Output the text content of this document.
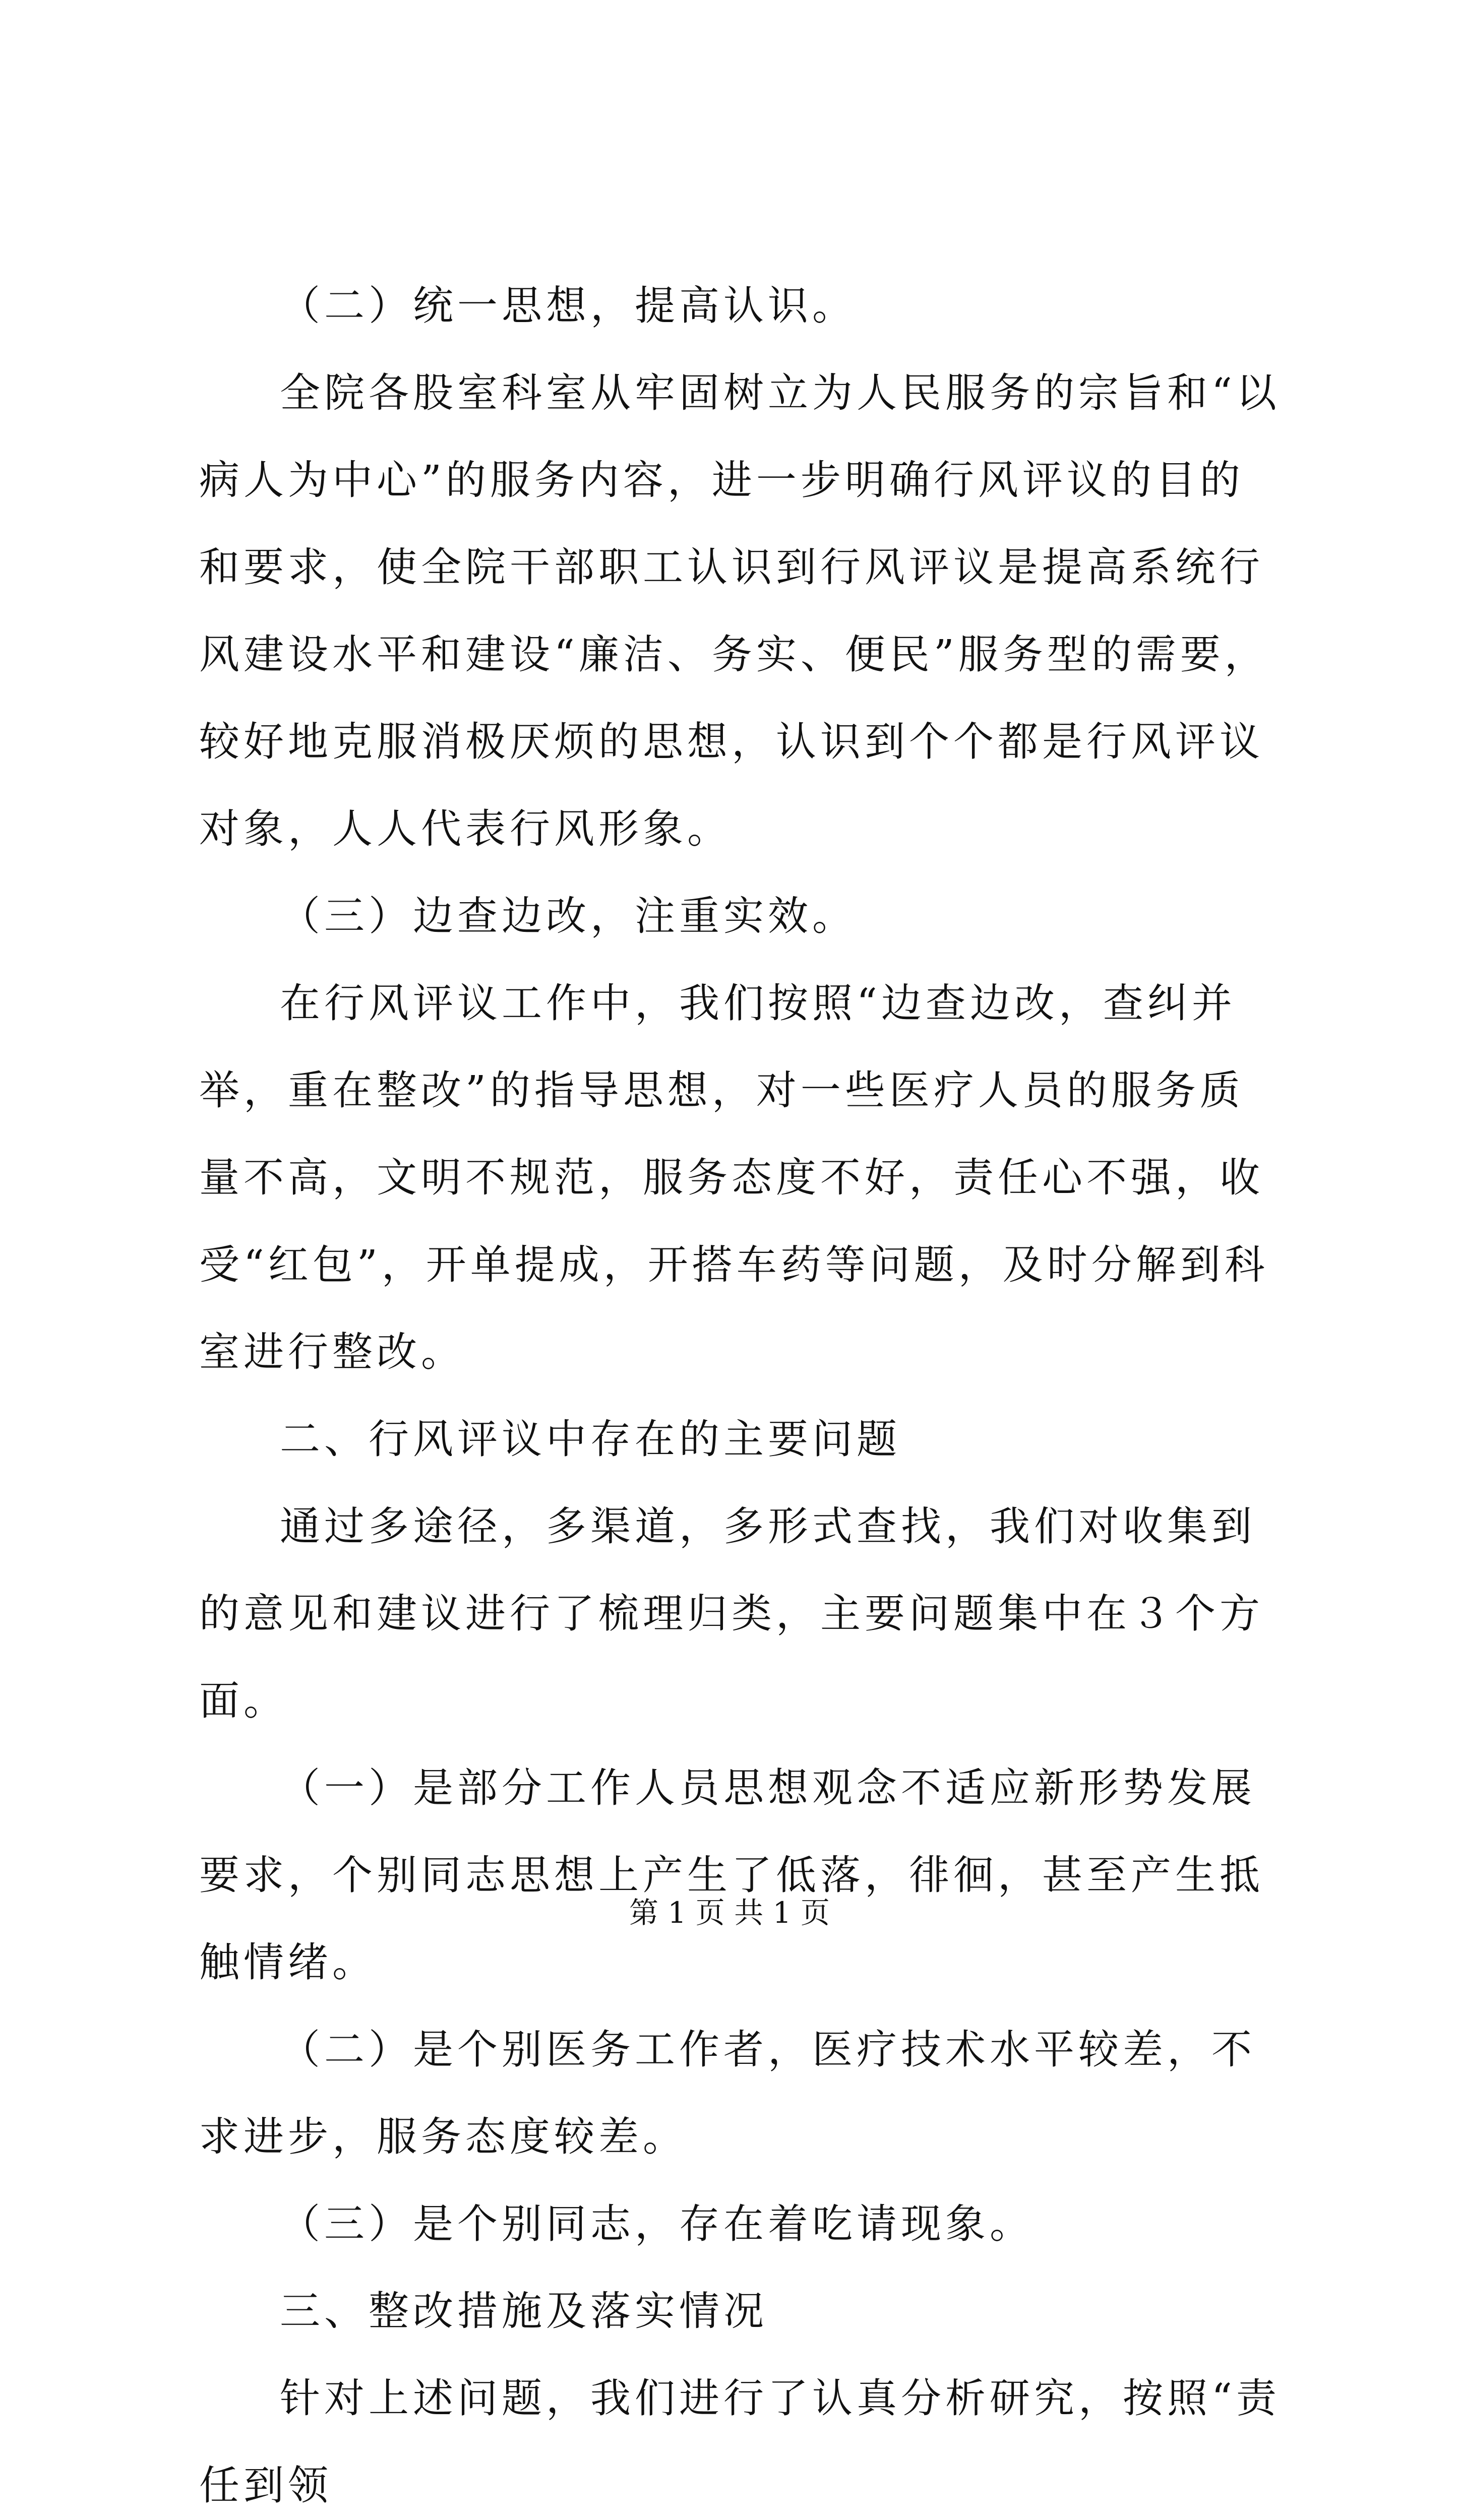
（二）统一思想，提高认识。

全院各股室科室从牢固树立为人民服务的宗旨和“以病人为中心”的服务内容，进一步明确行风评议的目的和要求，使全院干部职工认识到行风评议是提高系统行风建设水平和建设“廉洁、务实、便民”服务型的需要，较好地克服消极厌烦的思想，认识到个个都是行风评议对象，人人代表行风形象。

（三）边查边改，注重实效。

在行风评议工作中，我们按照“边查边改，查纠并举，重在整改”的指导思想，对一些医疗人员的服务质量不高，文明不规范，服务态度不好，责任心不强，收受“红包”，开单提成，开搭车药等问题，及时分解到科室进行整改。

二、行风评议中存在的主要问题

通过多途径，多渠道，多形式查找，我们对收集到的意见和建议进行了梳理归类，主要问题集中在３个方面。

（一）是部分工作人员思想观念不适应新形势发展要求，个别同志思想上产生了低落，徘徊，甚至产生抵触情绪。

（二）是个别医务工作者，医疗技术水平较差，不求进步，服务态度较差。

（三）是个别同志，存在着吃请现象。

三、整改措施及落实情况

针对上述问题，我们进行了认真分析研究，按照“责任到领

第 1 页 共 1 页
